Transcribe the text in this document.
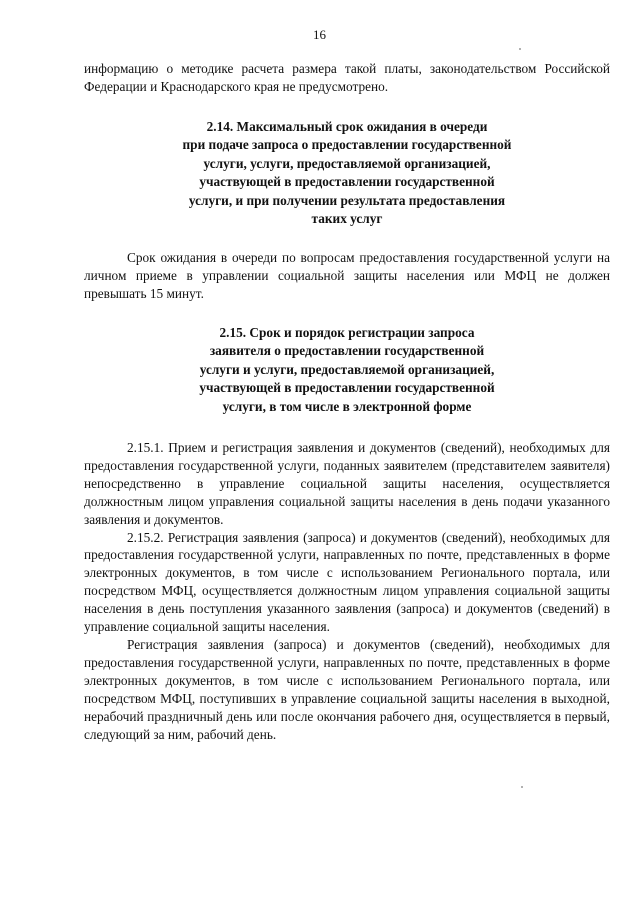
16

информацию о методике расчета размера такой платы, законодательством Российской Федерации и Краснодарского края не предусмотрено.

2.14. Максимальный срок ожидания в очереди
при подаче запроса о предоставлении государственной
услуги, услуги, предоставляемой организацией,
участвующей в предоставлении государственной
услуги, и при получении результата предоставления
таких услуг

Срок ожидания в очереди по вопросам предоставления государственной услуги на личном приеме в управлении социальной защиты населения или МФЦ не должен превышать 15 минут.

2.15. Срок и порядок регистрации запроса
заявителя о предоставлении государственной
услуги и услуги, предоставляемой организацией,
участвующей в предоставлении государственной
услуги, в том числе в электронной форме

2.15.1. Прием и регистрация заявления и документов (сведений), необходимых для предоставления государственной услуги, поданных заявителем (представителем заявителя) непосредственно в управление социальной защиты населения, осуществляется должностным лицом управления социальной защиты населения в день подачи указанного заявления и документов.

2.15.2. Регистрация заявления (запроса) и документов (сведений), необходимых для предоставления государственной услуги, направленных по почте, представленных в форме электронных документов, в том числе с использованием Регионального портала, или посредством МФЦ, осуществляется должностным лицом управления социальной защиты населения в день поступления указанного заявления (запроса) и документов (сведений) в управление социальной защиты населения.

Регистрация заявления (запроса) и документов (сведений), необходимых для предоставления государственной услуги, направленных по почте, представленных в форме электронных документов, в том числе с использованием Регионального портала, или посредством МФЦ, поступивших в управление социальной защиты населения в выходной, нерабочий праздничный день или после окончания рабочего дня, осуществляется в первый, следующий за ним, рабочий день.
